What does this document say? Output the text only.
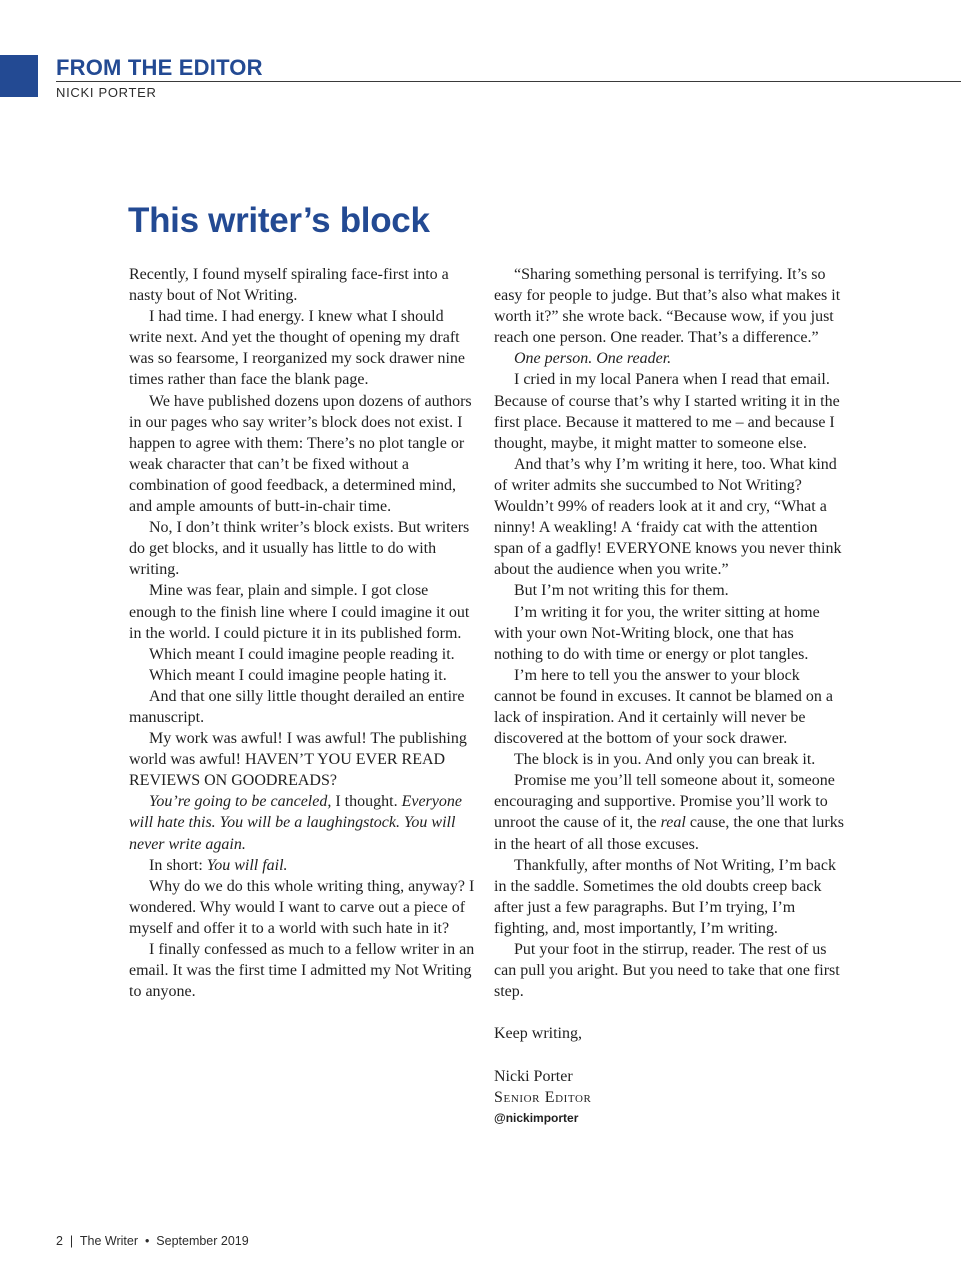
FROM THE EDITOR
NICKI PORTER
This writer’s block

Recently, I found myself spiraling face-first into a nasty bout of Not Writing.

I had time. I had energy. I knew what I should write next. And yet the thought of opening my draft was so fearsome, I reorganized my sock drawer nine times rather than face the blank page.

We have published dozens upon dozens of authors in our pages who say writer’s block does not exist. I happen to agree with them: There’s no plot tangle or weak character that can’t be fixed without a combination of good feedback, a determined mind, and ample amounts of butt-in-chair time.

No, I don’t think writer’s block exists. But writers do get blocks, and it usually has little to do with writing.

Mine was fear, plain and simple. I got close enough to the finish line where I could imagine it out in the world. I could picture it in its published form.

Which meant I could imagine people reading it.

Which meant I could imagine people hating it.

And that one silly little thought derailed an entire manuscript.

My work was awful! I was awful! The publishing world was awful! HAVEN’T YOU EVER READ REVIEWS ON GOODREADS?

You’re going to be canceled, I thought. Everyone will hate this. You will be a laughingstock. You will never write again.

In short: You will fail.

Why do we do this whole writing thing, anyway? I wondered. Why would I want to carve out a piece of myself and offer it to a world with such hate in it?

I finally confessed as much to a fellow writer in an email. It was the first time I admitted my Not Writing to anyone.

“Sharing something personal is terrifying. It’s so easy for people to judge. But that’s also what makes it worth it?” she wrote back. “Because wow, if you just reach one person. One reader. That’s a difference.”

One person. One reader.

I cried in my local Panera when I read that email. Because of course that’s why I started writing it in the first place. Because it mattered to me – and because I thought, maybe, it might matter to someone else.

And that’s why I’m writing it here, too. What kind of writer admits she succumbed to Not Writing? Wouldn’t 99% of readers look at it and cry, “What a ninny! A weakling! A ‘fraidy cat with the attention span of a gadfly! EVERYONE knows you never think about the audience when you write.”

But I’m not writing this for them.

I’m writing it for you, the writer sitting at home with your own Not-Writing block, one that has nothing to do with time or energy or plot tangles.

I’m here to tell you the answer to your block cannot be found in excuses. It cannot be blamed on a lack of inspiration. And it certainly will never be discovered at the bottom of your sock drawer.

The block is in you. And only you can break it.

Promise me you’ll tell someone about it, someone encouraging and supportive. Promise you’ll work to unroot the cause of it, the real cause, the one that lurks in the heart of all those excuses.

Thankfully, after months of Not Writing, I’m back in the saddle. Sometimes the old doubts creep back after just a few paragraphs. But I’m trying, I’m fighting, and, most importantly, I’m writing.

Put your foot in the stirrup, reader. The rest of us can pull you aright. But you need to take that one first step.

Keep writing,

Nicki Porter

Senior Editor

@nickimporter

2  |  The Writer  •  September 2019
